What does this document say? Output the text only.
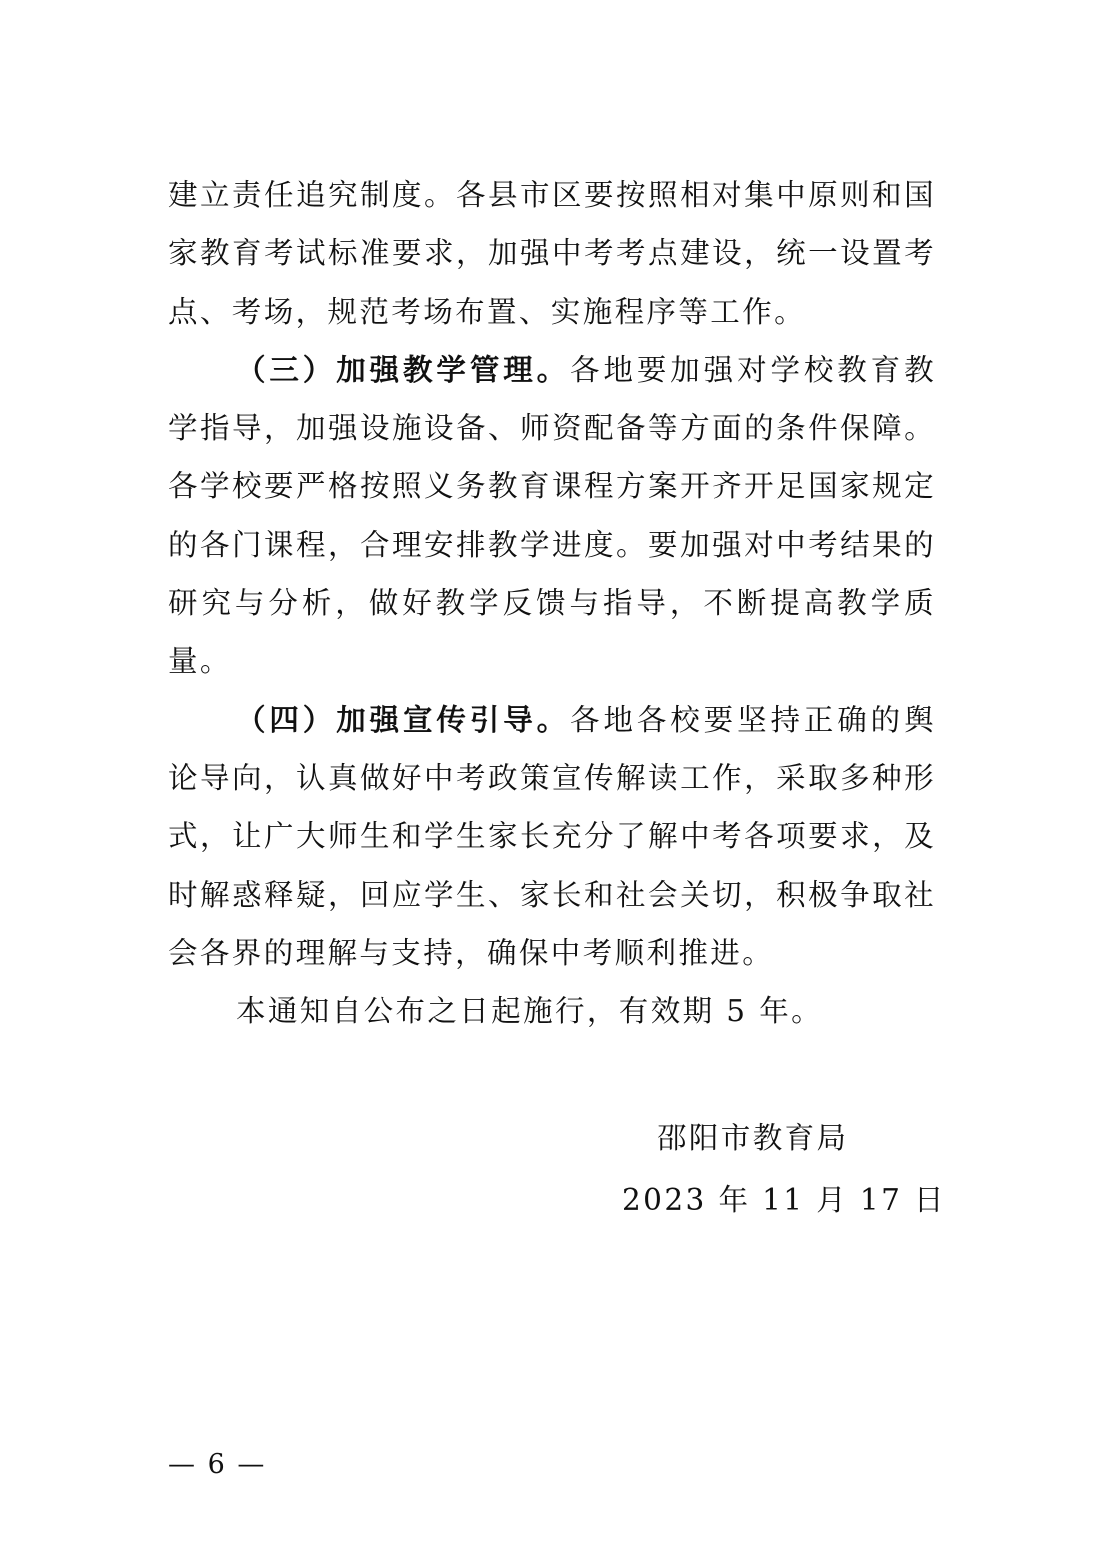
建立责任追究制度。各县市区要按照相对集中原则和国家教育考试标准要求，加强中考考点建设，统一设置考点、考场，规范考场布置、实施程序等工作。

（三）加强教学管理。各地要加强对学校教育教学指导，加强设施设备、师资配备等方面的条件保障。各学校要严格按照义务教育课程方案开齐开足国家规定的各门课程，合理安排教学进度。要加强对中考结果的研究与分析，做好教学反馈与指导，不断提高教学质量。

（四）加强宣传引导。各地各校要坚持正确的舆论导向，认真做好中考政策宣传解读工作，采取多种形式，让广大师生和学生家长充分了解中考各项要求，及时解惑释疑，回应学生、家长和社会关切，积极争取社会各界的理解与支持，确保中考顺利推进。

本通知自公布之日起施行，有效期 5 年。

邵阳市教育局
2023 年 11 月 17 日
— 6 —
